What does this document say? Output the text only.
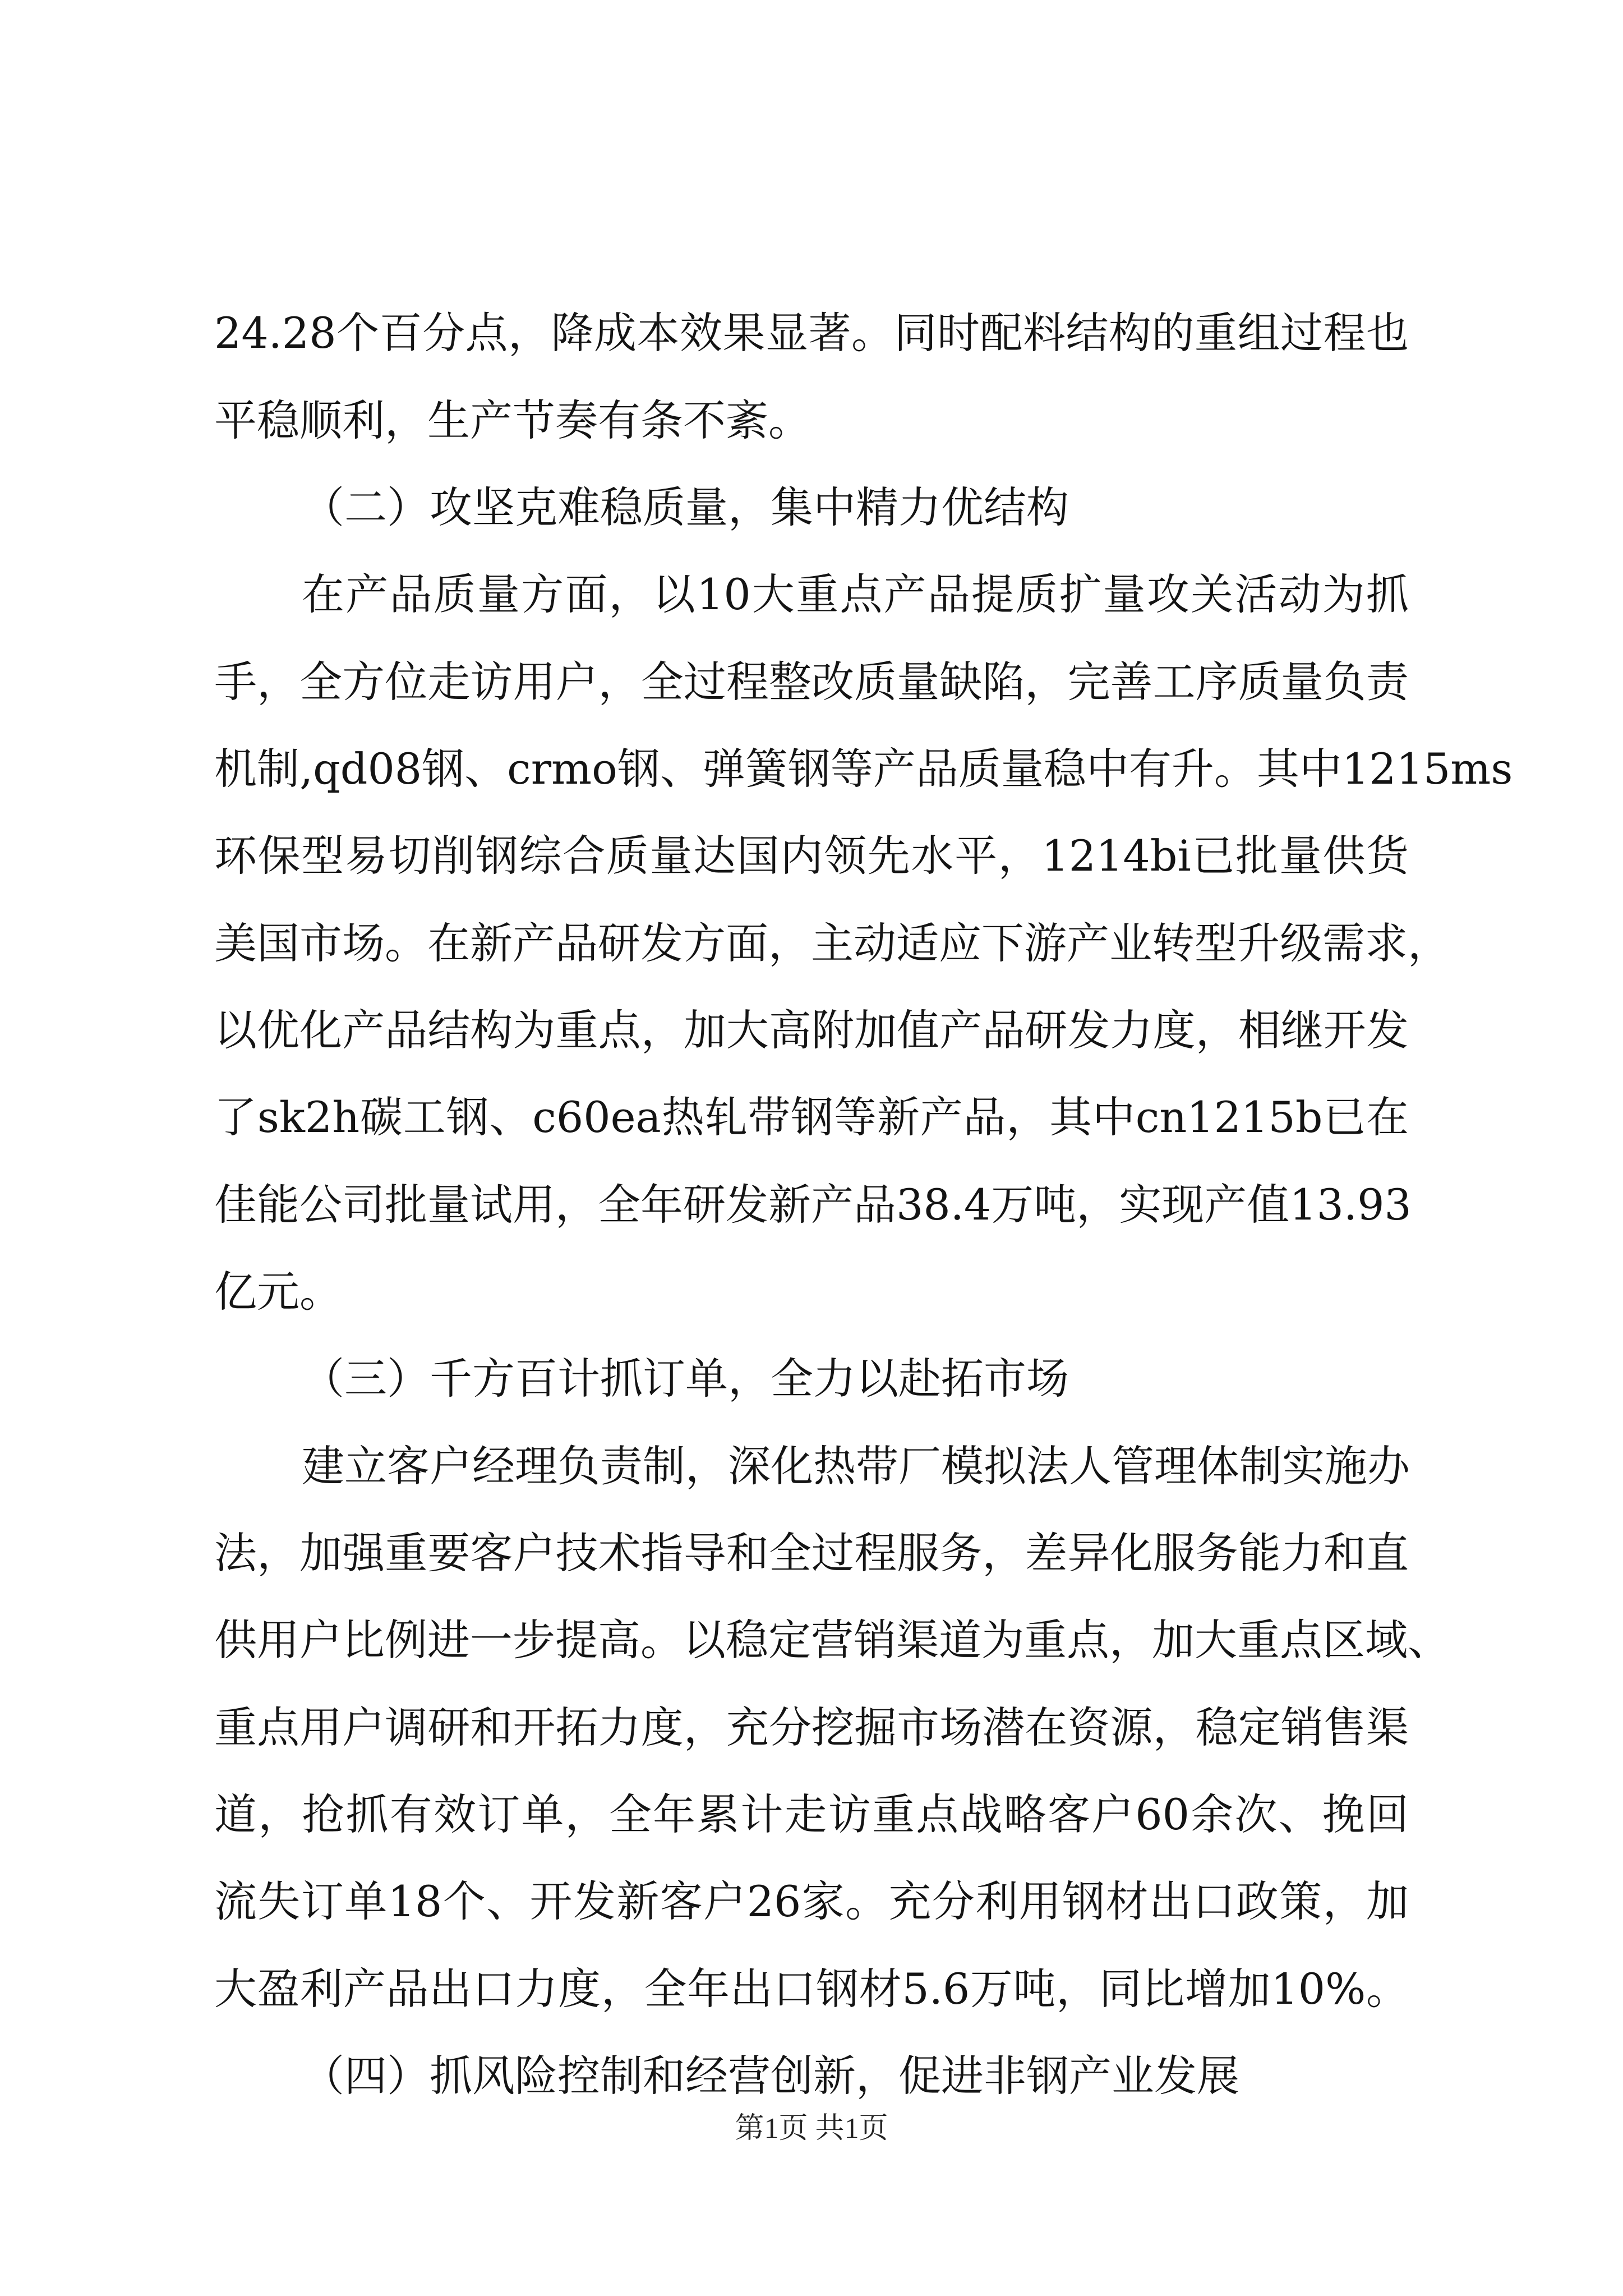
24.28个百分点，降成本效果显著。同时配料结构的重组过程也

平稳顺利，生产节奏有条不紊。

（二）攻坚克难稳质量，集中精力优结构

在产品质量方面，以10大重点产品提质扩量攻关活动为抓

手，全方位走访用户，全过程整改质量缺陷，完善工序质量负责

机制,qd08钢、crmo钢、弹簧钢等产品质量稳中有升。其中1215ms

环保型易切削钢综合质量达国内领先水平，1214bi已批量供货

美国市场。在新产品研发方面，主动适应下游产业转型升级需求，

以优化产品结构为重点，加大高附加值产品研发力度，相继开发

了sk2h碳工钢、c60ea热轧带钢等新产品，其中cn1215b已在

佳能公司批量试用，全年研发新产品38.4万吨，实现产值13.93

亿元。

（三）千方百计抓订单，全力以赴拓市场

建立客户经理负责制，深化热带厂模拟法人管理体制实施办

法，加强重要客户技术指导和全过程服务，差异化服务能力和直

供用户比例进一步提高。以稳定营销渠道为重点，加大重点区域、

重点用户调研和开拓力度，充分挖掘市场潜在资源，稳定销售渠

道，抢抓有效订单，全年累计走访重点战略客户60余次、挽回

流失订单18个、开发新客户26家。充分利用钢材出口政策，加

大盈利产品出口力度，全年出口钢材5.6万吨，同比增加10%。

（四）抓风险控制和经营创新，促进非钢产业发展

第1页 共1页
